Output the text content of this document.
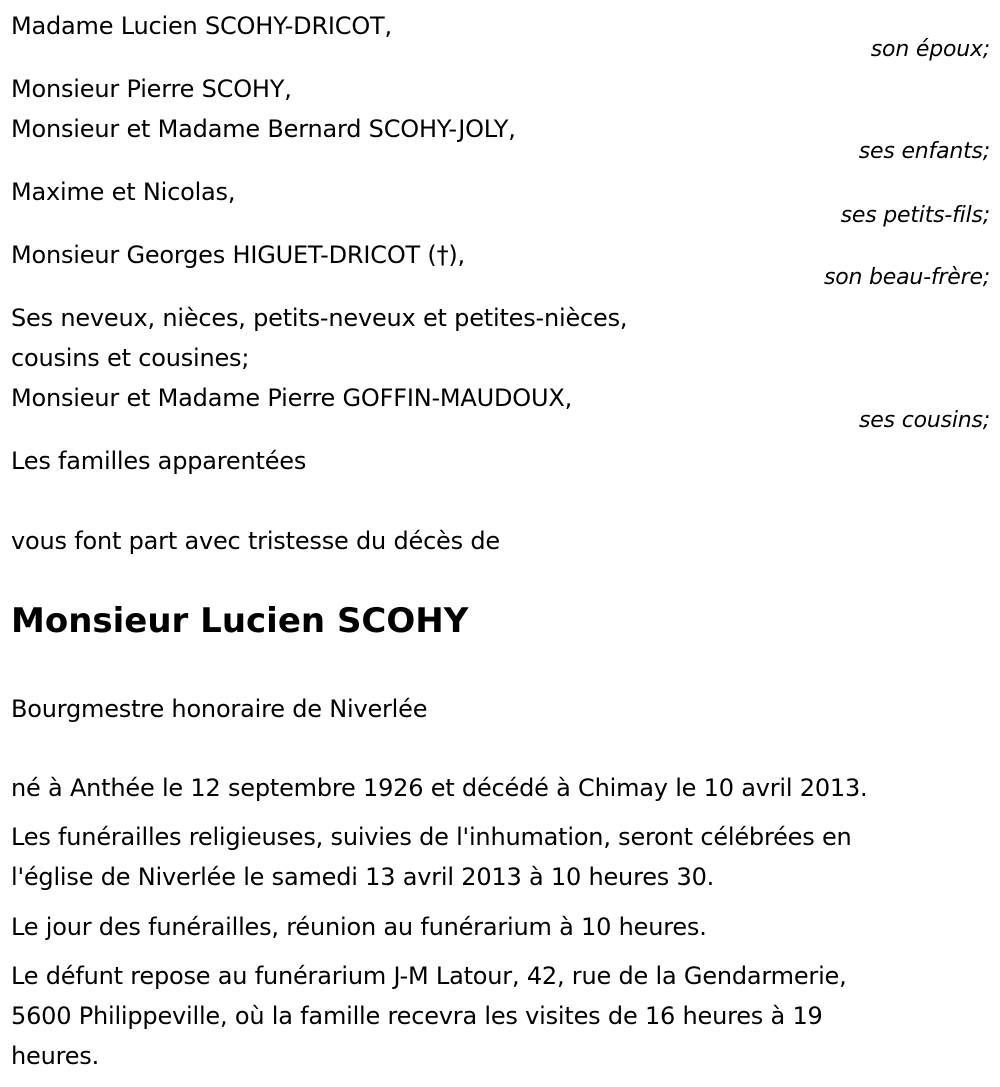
Madame Lucien SCOHY-DRICOT,
son époux;
Monsieur Pierre SCOHY,
Monsieur et Madame Bernard SCOHY-JOLY,
ses enfants;
Maxime et Nicolas,
ses petits-fils;
Monsieur Georges HIGUET-DRICOT (†),
son beau-frère;
Ses neveux, nièces, petits-neveux et petites-nièces,
cousins et cousines;
Monsieur et Madame Pierre GOFFIN-MAUDOUX,
ses cousins;
Les familles apparentées
vous font part avec tristesse du décès de
Monsieur Lucien SCOHY
Bourgmestre honoraire de Niverlée
né à Anthée le 12 septembre 1926 et décédé à Chimay le 10 avril 2013.
Les funérailles religieuses, suivies de l'inhumation, seront célébrées en
l'église de Niverlée le samedi 13 avril 2013 à 10 heures 30.
Le jour des funérailles, réunion au funérarium à 10 heures.
Le défunt repose au funérarium J-M Latour, 42, rue de la Gendarmerie,
5600 Philippeville, où la famille recevra les visites de 16 heures à 19
heures.
